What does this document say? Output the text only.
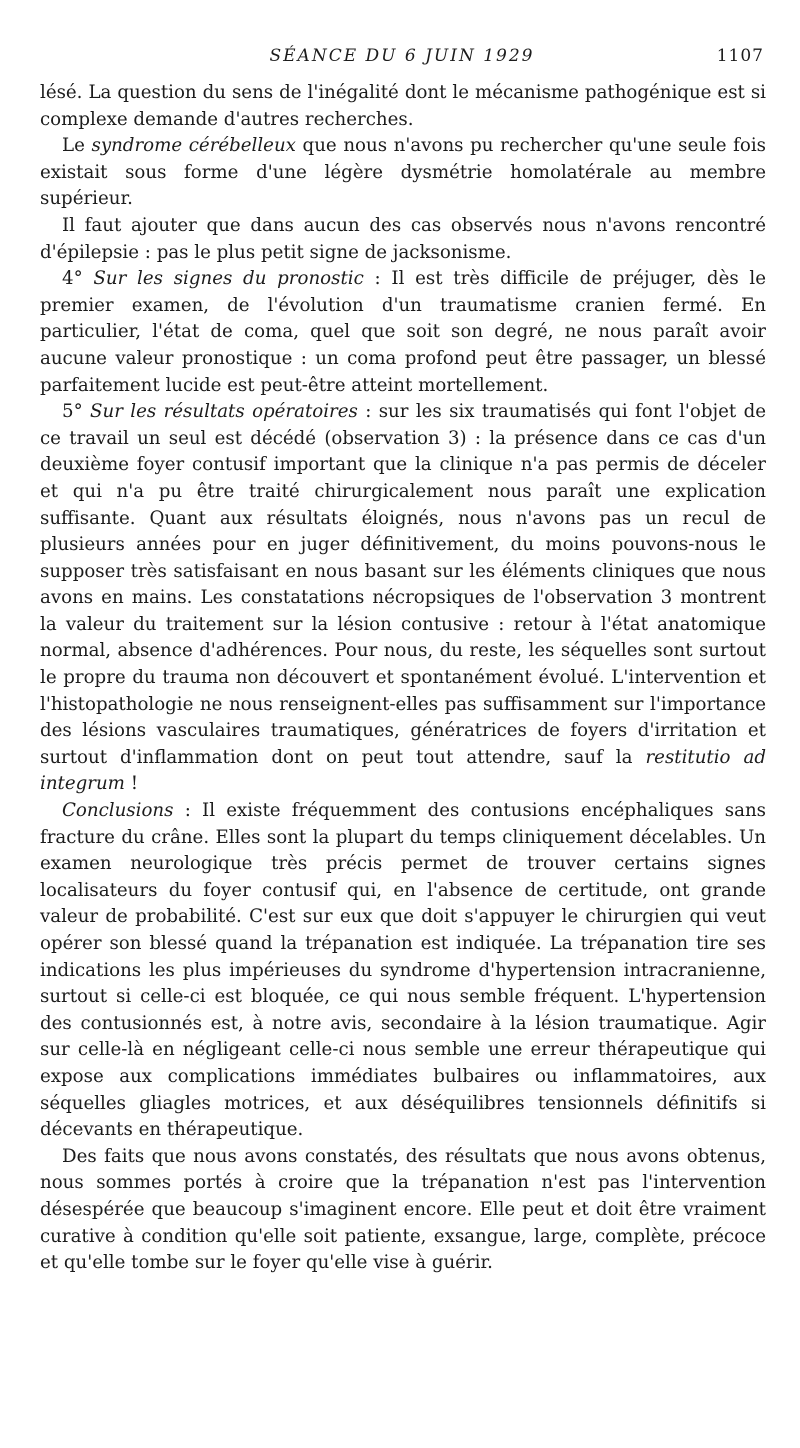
SÉANCE DU 6 JUIN 1929	1107

lésé. La question du sens de l'inégalité dont le mécanisme pathogénique est si complexe demande d'autres recherches.

Le syndrome cérébelleux que nous n'avons pu rechercher qu'une seule fois existait sous forme d'une légère dysmétrie homolatérale au membre supérieur.

Il faut ajouter que dans aucun des cas observés nous n'avons rencontré d'épilepsie : pas le plus petit signe de jacksonisme.

4° Sur les signes du pronostic : Il est très difficile de préjuger, dès le premier examen, de l'évolution d'un traumatisme cranien fermé. En particulier, l'état de coma, quel que soit son degré, ne nous paraît avoir aucune valeur pronostique : un coma profond peut être passager, un blessé parfaitement lucide est peut-être atteint mortellement.

5° Sur les résultats opératoires : sur les six traumatisés qui font l'objet de ce travail un seul est décédé (observation 3) : la présence dans ce cas d'un deuxième foyer contusif important que la clinique n'a pas permis de déceler et qui n'a pu être traité chirurgicalement nous paraît une explication suffisante. Quant aux résultats éloignés, nous n'avons pas un recul de plusieurs années pour en juger définitivement, du moins pouvons-nous le supposer très satisfaisant en nous basant sur les éléments cliniques que nous avons en mains. Les constatations nécropsiques de l'observation 3 montrent la valeur du traitement sur la lésion contusive : retour à l'état anatomique normal, absence d'adhérences. Pour nous, du reste, les séquelles sont surtout le propre du trauma non découvert et spontanément évolué. L'intervention et l'histopathologie ne nous renseignent-elles pas suffisamment sur l'importance des lésions vasculaires traumatiques, génératrices de foyers d'irritation et surtout d'inflammation dont on peut tout attendre, sauf la restitutio ad integrum !

Conclusions : Il existe fréquemment des contusions encéphaliques sans fracture du crâne. Elles sont la plupart du temps cliniquement décelables. Un examen neurologique très précis permet de trouver certains signes localisateurs du foyer contusif qui, en l'absence de certitude, ont grande valeur de probabilité. C'est sur eux que doit s'appuyer le chirurgien qui veut opérer son blessé quand la trépanation est indiquée. La trépanation tire ses indications les plus impérieuses du syndrome d'hypertension intracranienne, surtout si celle-ci est bloquée, ce qui nous semble fréquent. L'hypertension des contusionnés est, à notre avis, secondaire à la lésion traumatique. Agir sur celle-là en négligeant celle-ci nous semble une erreur thérapeutique qui expose aux complications immédiates bulbaires ou inflammatoires, aux séquelles gliagles motrices, et aux déséquilibres tensionnels définitifs si décevants en thérapeutique.

Des faits que nous avons constatés, des résultats que nous avons obtenus, nous sommes portés à croire que la trépanation n'est pas l'intervention désespérée que beaucoup s'imaginent encore. Elle peut et doit être vraiment curative à condition qu'elle soit patiente, exsangue, large, complète, précoce et qu'elle tombe sur le foyer qu'elle vise à guérir.
